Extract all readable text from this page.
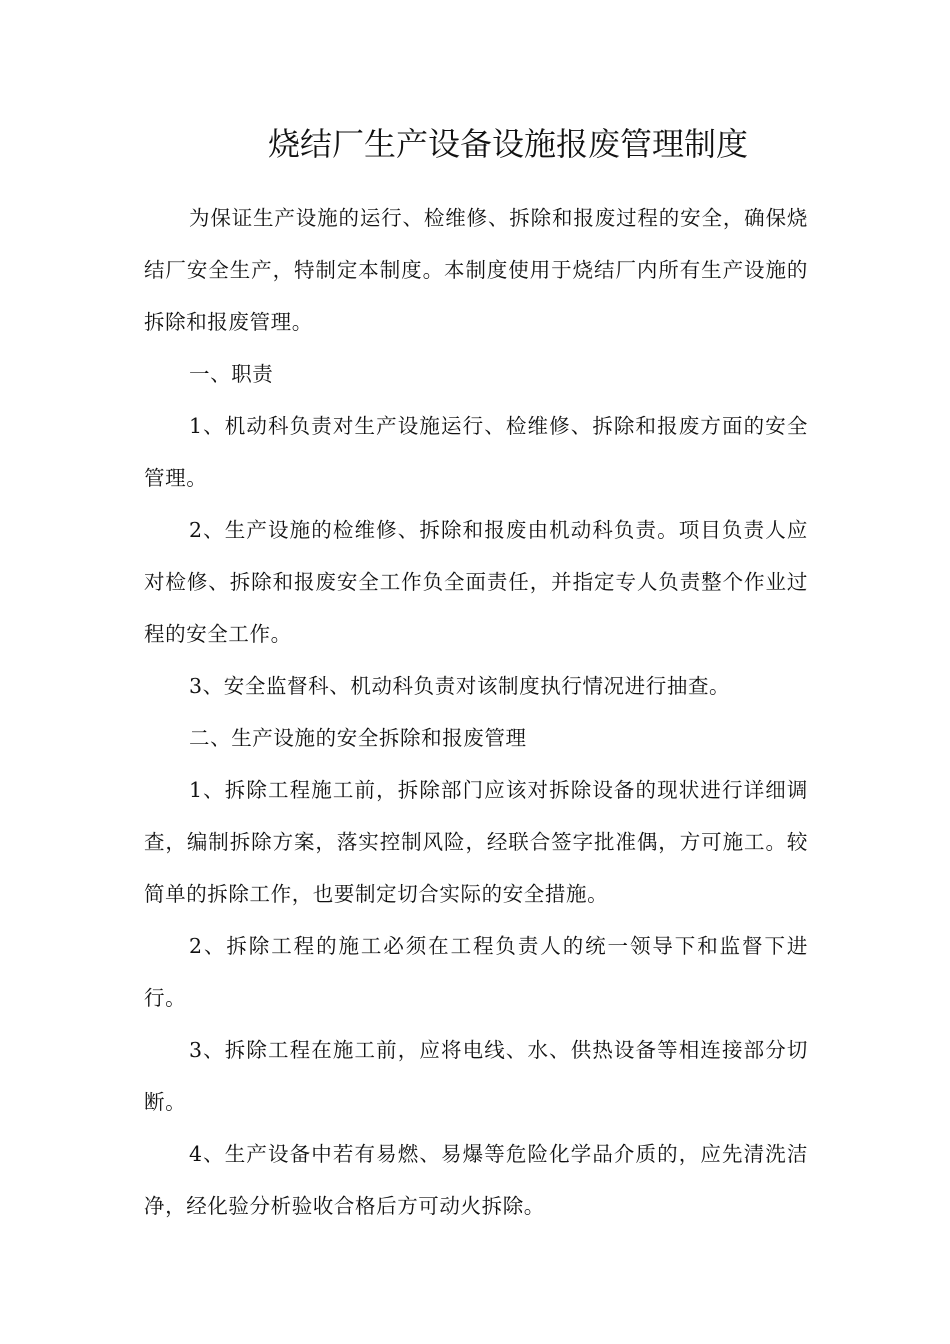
烧结厂生产设备设施报废管理制度

为保证生产设施的运行、检维修、拆除和报废过程的安全，确保烧结厂安全生产，特制定本制度。本制度使用于烧结厂内所有生产设施的拆除和报废管理。

一、职责

1、机动科负责对生产设施运行、检维修、拆除和报废方面的安全管理。

2、生产设施的检维修、拆除和报废由机动科负责。项目负责人应对检修、拆除和报废安全工作负全面责任，并指定专人负责整个作业过程的安全工作。

3、安全监督科、机动科负责对该制度执行情况进行抽查。

二、生产设施的安全拆除和报废管理

1、拆除工程施工前，拆除部门应该对拆除设备的现状进行详细调查，编制拆除方案，落实控制风险，经联合签字批准偶，方可施工。较简单的拆除工作，也要制定切合实际的安全措施。

2、拆除工程的施工必须在工程负责人的统一领导下和监督下进行。

3、拆除工程在施工前，应将电线、水、供热设备等相连接部分切断。

4、生产设备中若有易燃、易爆等危险化学品介质的，应先清洗洁净，经化验分析验收合格后方可动火拆除。
